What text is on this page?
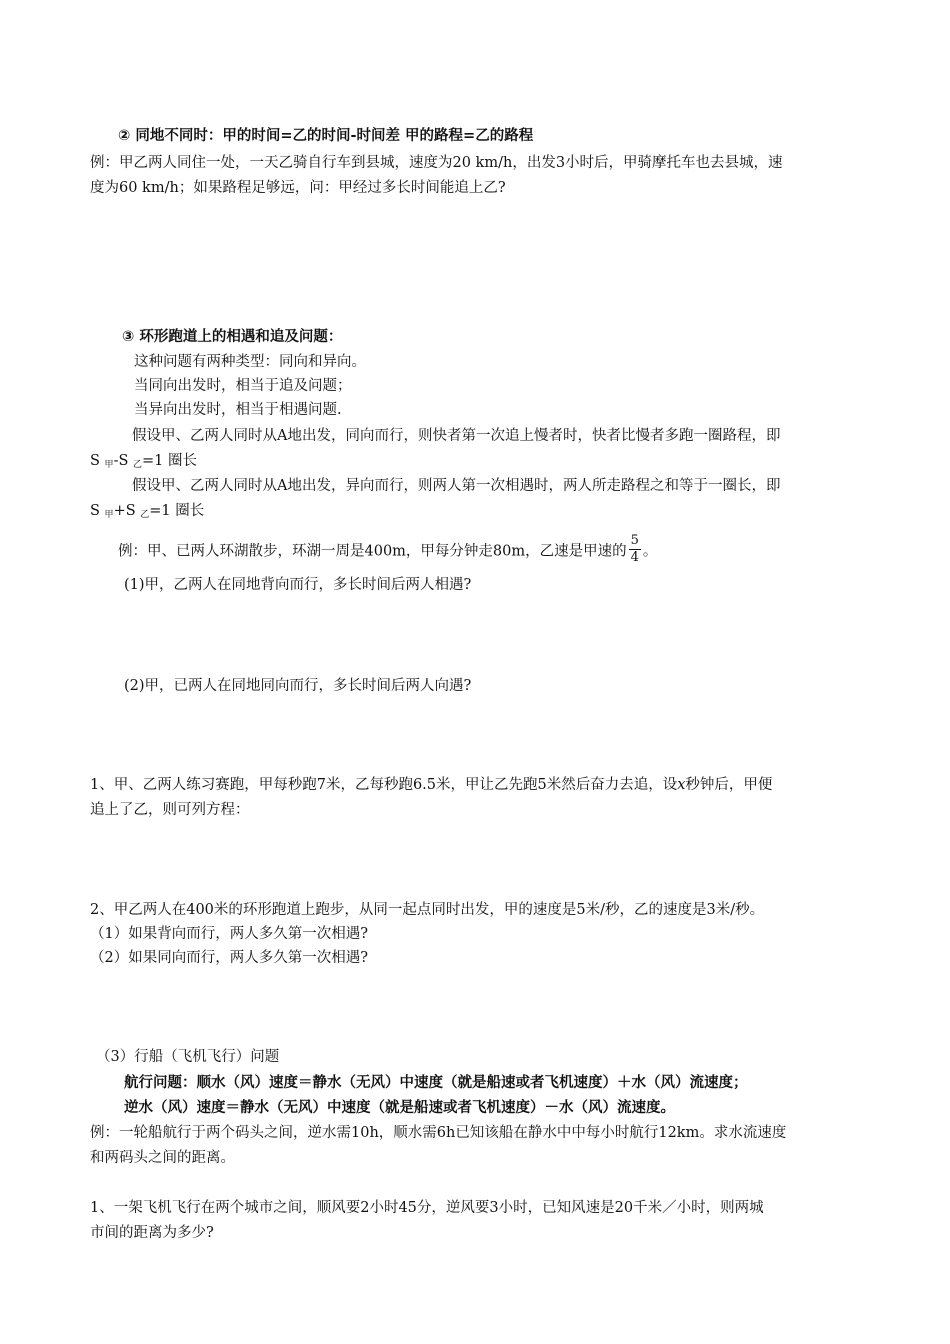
② 同地不同时：甲的时间=乙的时间-时间差 甲的路程=乙的路程
例：甲乙两人同住一处，一天乙骑自行车到县城，速度为20 km/h，出发3小时后，甲骑摩托车也去县城，速
度为60 km/h；如果路程足够远，问：甲经过多长时间能追上乙?
③ 环形跑道上的相遇和追及问题：
这种问题有两种类型：同向和异向。
当同向出发时，相当于追及问题；
当异向出发时，相当于相遇问题.
假设甲、乙两人同时从A地出发，同向而行，则快者第一次追上慢者时，快者比慢者多跑一圈路程，即
S $_甲$-S $_乙$=1 圈长
假设甲、乙两人同时从A地出发，异向而行，则两人第一次相遇时，两人所走路程之和等于一圈长，即
S $_甲$+S $_乙$=1 圈长
例：甲、已两人环湖散步，环湖一周是400m，甲每分钟走80m，乙速是甲速的 $\frac{5}{4}$ 。
(1)甲，乙两人在同地背向而行，多长时间后两人相遇?
(2)甲，已两人在同地同向而行，多长时间后两人向遇?
1、甲、乙两人练习赛跑，甲每秒跑7米，乙每秒跑6.5米，甲让乙先跑5米然后奋力去追，设x秒钟后，甲便
追上了乙，则可列方程：
2、甲乙两人在400米的环形跑道上跑步，从同一起点同时出发，甲的速度是5米/秒，乙的速度是3米/秒。
（1）如果背向而行，两人多久第一次相遇?
（2）如果同向而行，两人多久第一次相遇?
（3）行船（飞机飞行）问题
航行问题：顺水（风）速度＝静水（无风）中速度（就是船速或者飞机速度）＋水（风）流速度；
逆水（风）速度＝静水（无风）中速度（就是船速或者飞机速度）－水（风）流速度。
例：一轮船航行于两个码头之间，逆水需10h，顺水需6h已知该船在静水中中每小时航行12km。求水流速度
和两码头之间的距离。
1、一架飞机飞行在两个城市之间，顺风要2小时45分，逆风要3小时，已知风速是20千米／小时，则两城
市间的距离为多少?
